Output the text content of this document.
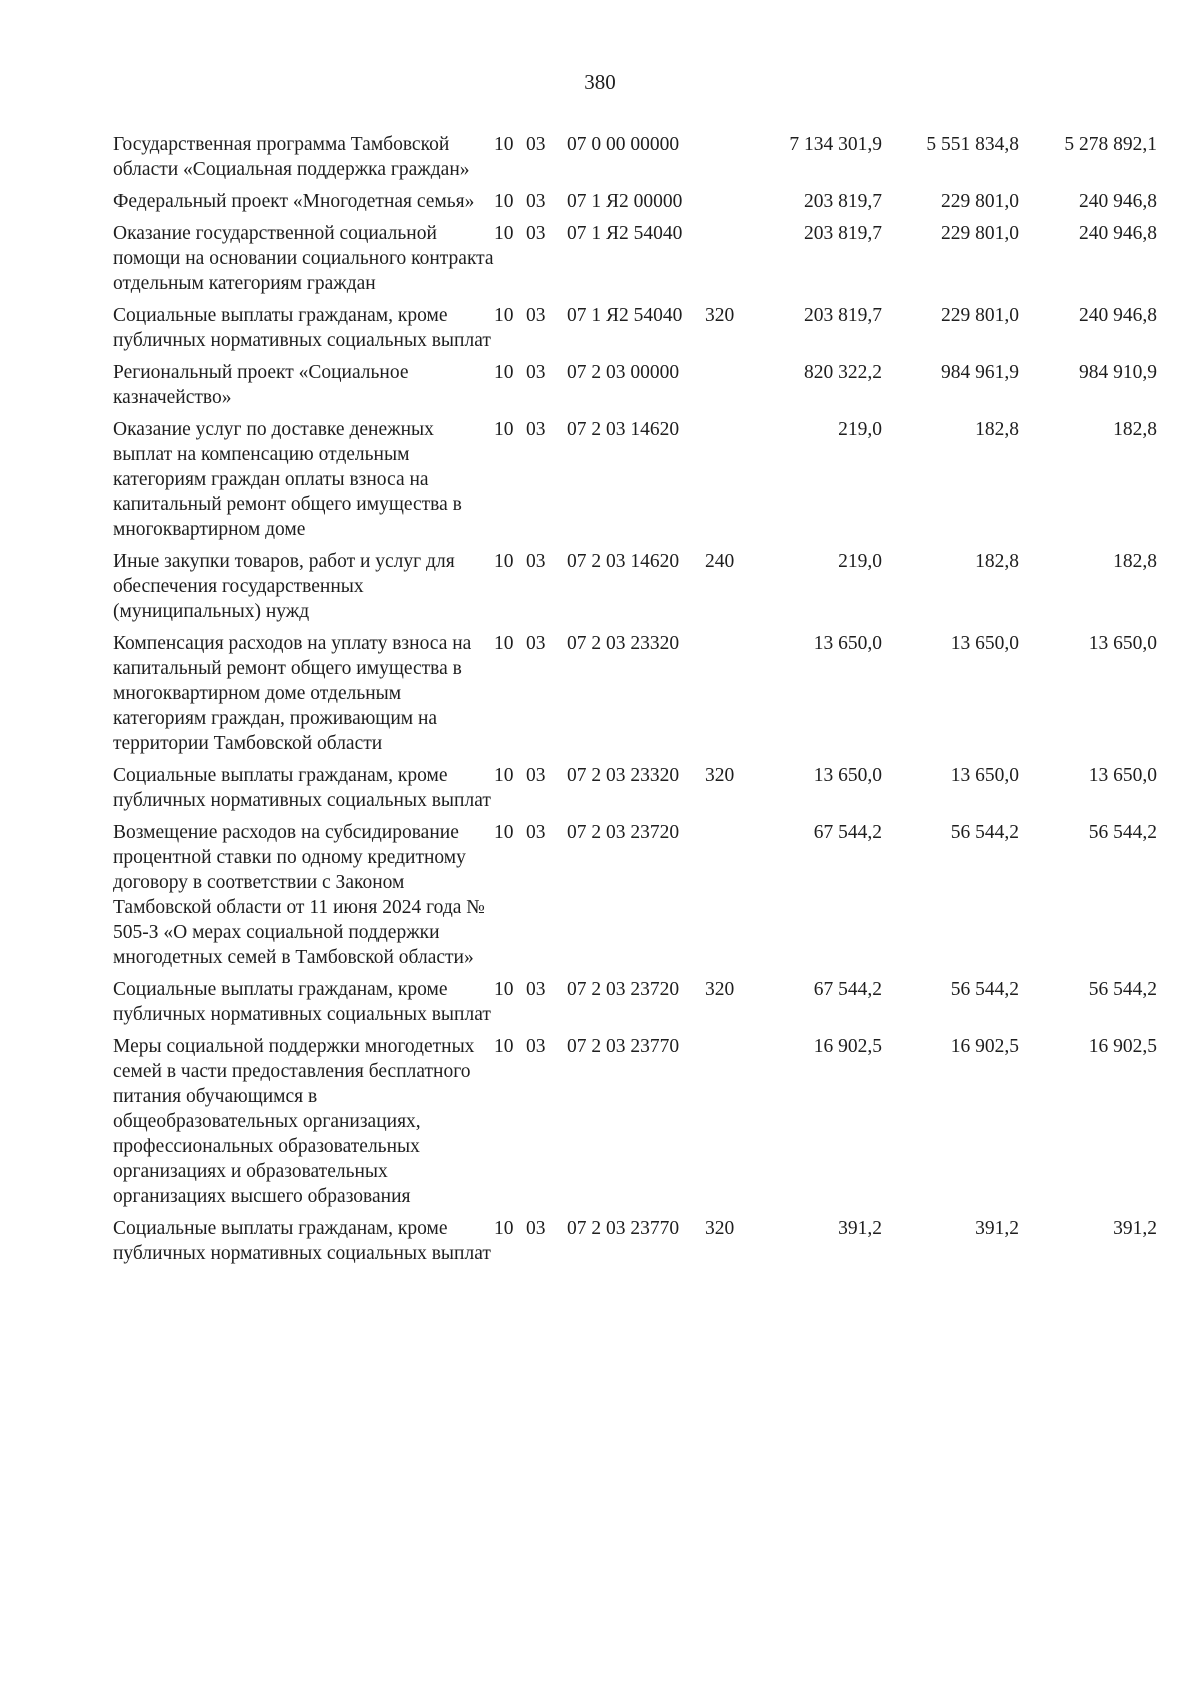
380
Государственная программа Тамбовской области «Социальная поддержка граждан»	10	03	07 0 00 00000		7 134 301,9	5 551 834,8	5 278 892,1
Федеральный проект «Многодетная семья»	10	03	07 1 Я2 00000		203 819,7	229 801,0	240 946,8
Оказание государственной социальной помощи на основании социального контракта отдельным категориям граждан	10	03	07 1 Я2 54040		203 819,7	229 801,0	240 946,8
Социальные выплаты гражданам, кроме публичных нормативных социальных выплат	10	03	07 1 Я2 54040	320	203 819,7	229 801,0	240 946,8
Региональный проект «Социальное казначейство»	10	03	07 2 03 00000		820 322,2	984 961,9	984 910,9
Оказание услуг по доставке денежных выплат на компенсацию отдельным категориям граждан оплаты взноса на капитальный ремонт общего имущества в многоквартирном доме	10	03	07 2 03 14620		219,0	182,8	182,8
Иные закупки товаров, работ и услуг для обеспечения государственных (муниципальных) нужд	10	03	07 2 03 14620	240	219,0	182,8	182,8
Компенсация расходов на уплату взноса на капитальный ремонт общего имущества в многоквартирном доме отдельным категориям граждан, проживающим на территории Тамбовской области	10	03	07 2 03 23320		13 650,0	13 650,0	13 650,0
Социальные выплаты гражданам, кроме публичных нормативных социальных выплат	10	03	07 2 03 23320	320	13 650,0	13 650,0	13 650,0
Возмещение расходов на субсидирование процентной ставки по одному кредитному договору в соответствии с Законом Тамбовской области от 11 июня 2024 года № 505-З «О мерах социальной поддержки многодетных семей в Тамбовской области»	10	03	07 2 03 23720		67 544,2	56 544,2	56 544,2
Социальные выплаты гражданам, кроме публичных нормативных социальных выплат	10	03	07 2 03 23720	320	67 544,2	56 544,2	56 544,2
Меры социальной поддержки многодетных семей в части предоставления бесплатного питания обучающимся в общеобразовательных организациях, профессиональных образовательных организациях и образовательных организациях высшего образования	10	03	07 2 03 23770		16 902,5	16 902,5	16 902,5
Социальные выплаты гражданам, кроме публичных нормативных социальных выплат	10	03	07 2 03 23770	320	391,2	391,2	391,2
